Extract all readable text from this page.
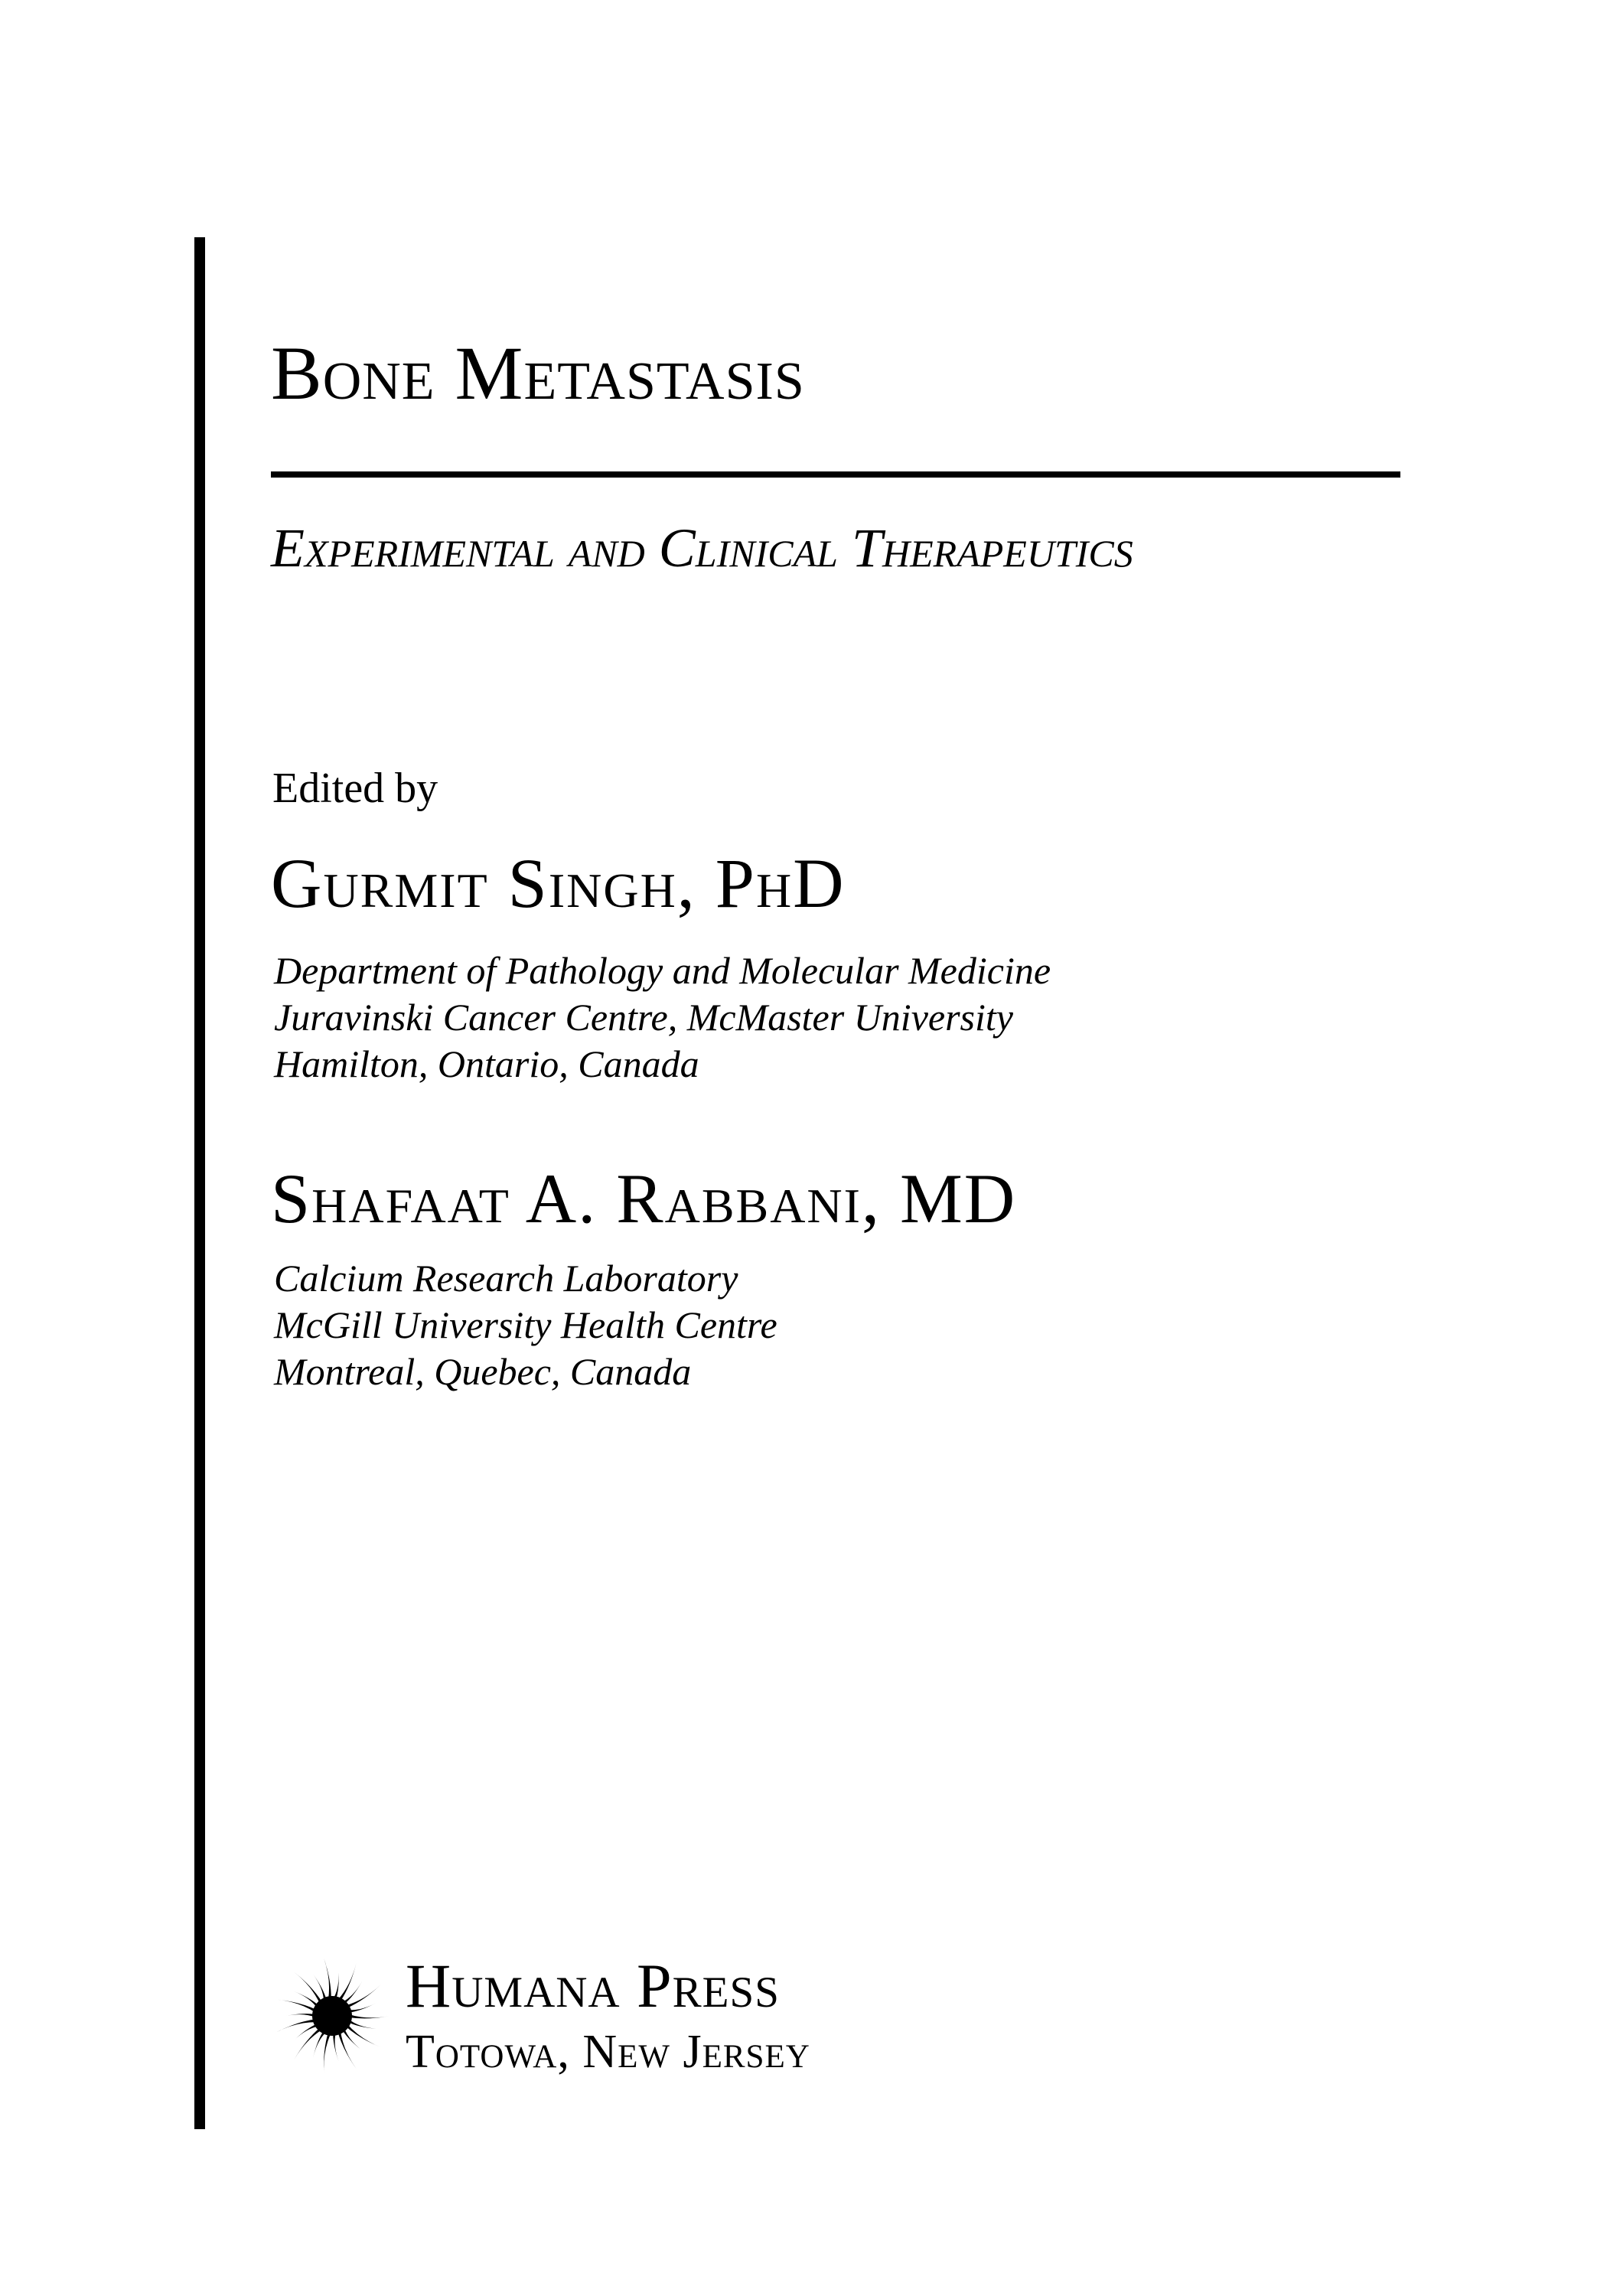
Bone Metastasis
Experimental and Clinical Therapeutics
Edited by
Gurmit Singh, PhD
Department of Pathology and Molecular Medicine
Juravinski Cancer Centre, McMaster University
Hamilton, Ontario, Canada
Shafaat A. Rabbani, MD
Calcium Research Laboratory
McGill University Health Centre
Montreal, Quebec, Canada
Humana Press
Totowa, New Jersey
